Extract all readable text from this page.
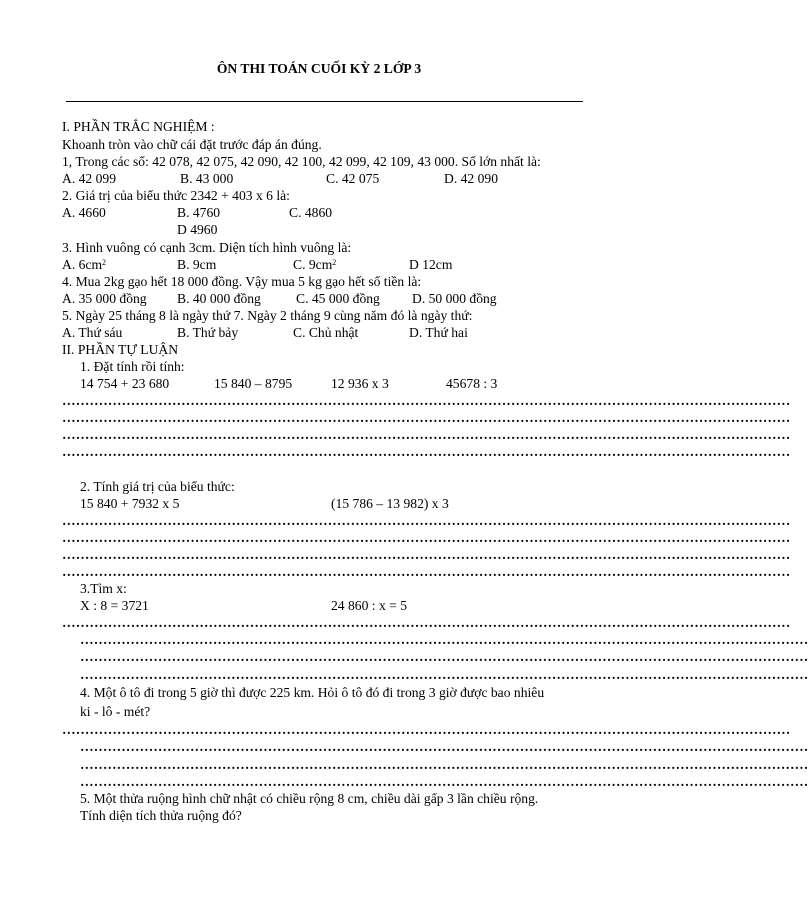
ÔN THI TOÁN CUỐI KỲ 2 LỚP 3
I. PHẦN TRẮC NGHIỆM :
Khoanh tròn vào chữ cái đặt trước đáp án đúng.
1, Trong các số: 42 078, 42 075, 42 090, 42 100, 42 099, 42 109, 43 000. Số lớn nhất là:
A. 42 099	B. 43 000	C. 42 075	D. 42 090
2. Giá trị của biểu thức 2342 + 403 x 6 là:
A. 4660	B. 4760	C. 4860
D 4960
3. Hình vuông có cạnh 3cm. Diện tích hình vuông là:
A. $6cm^2$	B. 9cm	C. $9cm^2$	D 12cm
4. Mua 2kg gạo hết 18 000 đồng. Vậy mua 5 kg gạo hết số tiền là:
A. 35 000 đồng B. 40 000 đồng	C. 45 000 đồng D. 50 000 đồng
5. Ngày 25 tháng 8 là ngày thứ 7. Ngày 2 tháng 9 cùng năm đó là ngày thứ:
A. Thứ sáu	B. Thứ bảy	C. Chủ nhật	D. Thứ hai
II. PHẦN TỰ LUẬN
1. Đặt tính rồi tính:
14 754 + 23 680	15 840 – 8795	12 936 x 3	45678 : 3
……………………………………………………………………………………………………………………………………………
……………………………………………………………………………………………………………………………………………
……………………………………………………………………………………………………………………………………………
……………………………………………………………………………………………………………………………………………
2. Tính giá trị của biểu thức:
15 840 + 7932 x 5	(15 786 – 13 982) x 3
……………………………………………………………………………………………………………………………………………
……………………………………………………………………………………………………………………………………………
……………………………………………………………………………………………………………………………………………
……………………………………………………………………………………………………………………………………………
3.Tìm x:
X : 8 = 3721	24 860 : x = 5
……………………………………………………………………………………………………………………………………………
……………………………………………………………………………………………………………………………………………
……………………………………………………………………………………………………………………………………………
……………………………………………………………………………………………………………………………………………
4. Một ô tô đi trong 5 giờ thì được 225 km. Hỏi ô tô đó đi trong 3 giờ được bao nhiêu
ki - lô - mét?
……………………………………………………………………………………………………………………………………………
……………………………………………………………………………………………………………………………………………
……………………………………………………………………………………………………………………………………………
……………………………………………………………………………………………………………………………………………
5. Một thửa ruộng hình chữ nhật có chiều rộng 8 cm, chiều dài gấp 3 lần chiều rộng.
Tính diện tích thửa ruộng đó?
